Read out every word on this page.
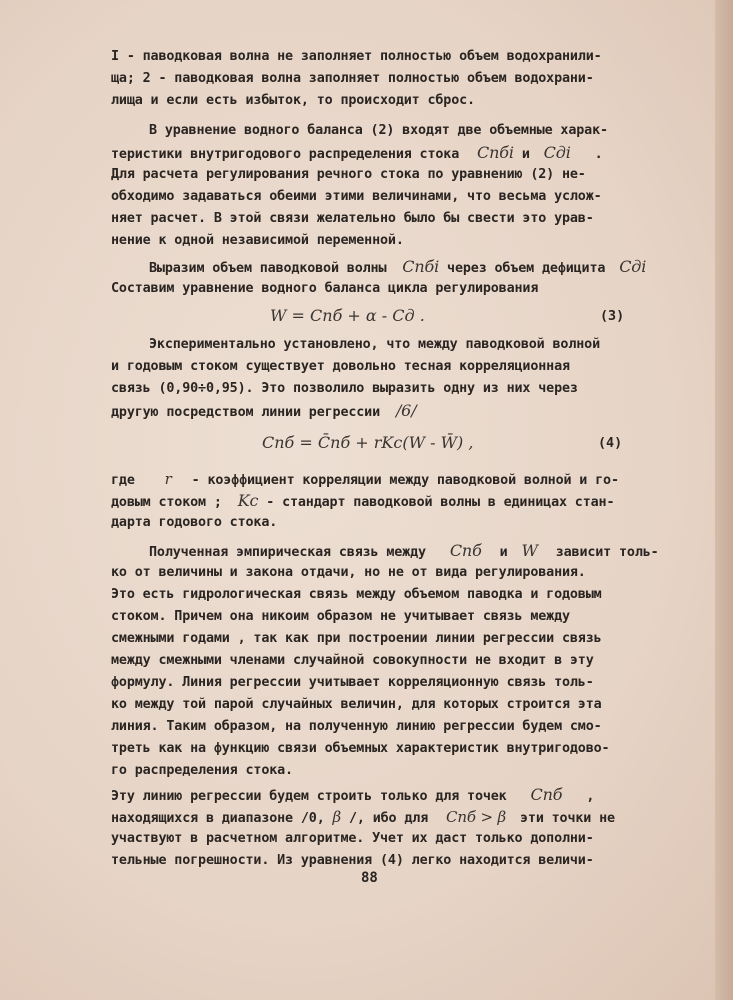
I - паводковая волна не заполняет полностью объем водохранили-
ща; 2 - паводковая волна заполняет полностью объем водохрани-
лища и если есть избыток, то происходит сброс.
В уравнение водного баланса (2) входят две объемные харак-
теристики внутригодового распределения стока Cпбi и Cдi .
Для расчета регулирования речного стока по уравнению (2) не-
обходимо задаваться обеими этими величинами, что весьма услож-
няет расчет. В этой связи желательно было бы свести это урав-
нение к одной независимой переменной.
Выразим объем паводковой волны Cпбi через объем дефицита Cдi
Составим уравнение водного баланса цикла регулирования
W = Cпб + α - Cд .	(3)
Экспериментально установлено, что между паводковой волной
и годовым стоком существует довольно тесная корреляционная
связь (0,90÷0,95). Это позволило выразить одну из них через
другую посредством линии регрессии /6/
Cпб = C̄пб + rKc(W - W̄) ,	(4)
где r - коэффициент корреляции между паводковой волной и го-
довым стоком ; Kc - стандарт паводковой волны в единицах стан-
дарта годового стока.
Полученная эмпирическая связь между Cпб и W зависит толь-
ко от величины и закона отдачи, но не от вида регулирования.
Это есть гидрологическая связь между объемом паводка и годовым
стоком. Причем она никоим образом не учитывает связь между
смежными годами , так как при построении линии регрессии связь
между смежными членами случайной совокупности не входит в эту
формулу. Линия регрессии учитывает корреляционную связь толь-
ко между той парой случайных величин, для которых строится эта
линия. Таким образом, на полученную линию регрессии будем смо-
треть как на функцию связи объемных характеристик внутригодово-
го распределения стока.
Эту линию регрессии будем строить только для точек Cпб ,
находящихся в диапазоне /0, β /, ибо для Cпб > β эти точки не
участвуют в расчетном алгоритме. Учет их даст только дополни-
тельные погрешности. Из уравнения (4) легко находится величи-
88
